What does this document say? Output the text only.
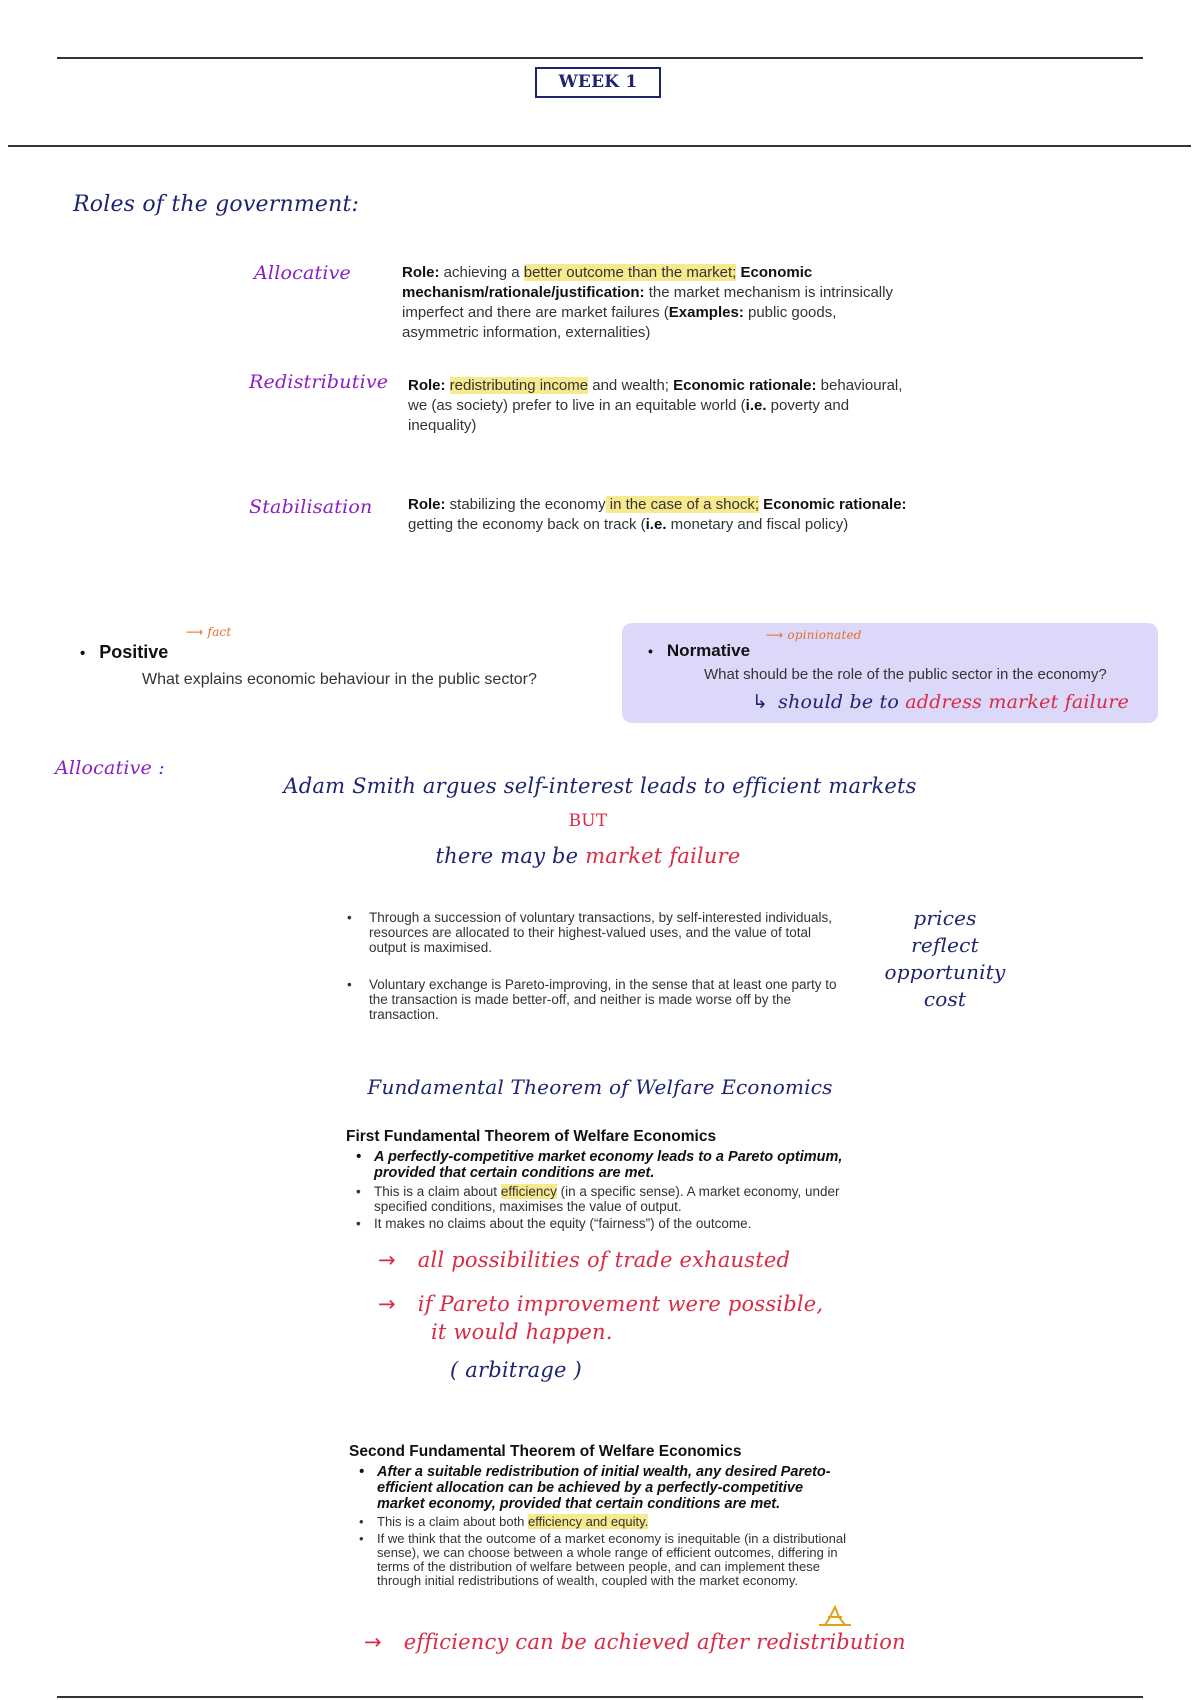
WEEK 1
Roles of the government:
Allocative	Role: achieving a better outcome than the market; Economic mechanism/rationale/justification: the market mechanism is intrinsically imperfect and there are market failures (Examples: public goods, asymmetric information, externalities)
Redistributive Role: redistributing income and wealth; Economic rationale: behavioural, we (as society) prefer to live in an equitable world (i.e. poverty and inequality)
Stabilisation Role: stabilizing the economy in the case of a shock; Economic rationale: getting the economy back on track (i.e. monetary and fiscal policy)
• Positive
What explains economic behaviour in the public sector?
⟶ fact
• Normative
⟶ opinionated
What should be the role of the public sector in the economy?
↳ should be to address market failure
Allocative :
Adam Smith argues self-interest leads to efficient markets
BUT
there may be market failure
• Through a succession of voluntary transactions, by self-interested individuals, resources are allocated to their highest-valued uses, and the value of total output is maximised.
• Voluntary exchange is Pareto-improving, in the sense that at least one party to the transaction is made better-off, and neither is made worse off by the transaction.
prices reflect
opportunity
cost
Fundamental Theorem of Welfare Economics
First Fundamental Theorem of Welfare Economics
• A perfectly-competitive market economy leads to a Pareto optimum, provided that certain conditions are met.
• This is a claim about efficiency (in a specific sense). A market economy, under specified conditions, maximises the value of output.
• It makes no claims about the equity (“fairness”) of the outcome.
→ all possibilities of trade exhausted
→ if Pareto improvement were possible,
it would happen.
( arbitrage )
Second Fundamental Theorem of Welfare Economics
• After a suitable redistribution of initial wealth, any desired Pareto-efficient allocation can be achieved by a perfectly-competitive market economy, provided that certain conditions are met.
• This is a claim about both efficiency and equity.
• If we think that the outcome of a market economy is inequitable (in a distributional sense), we can choose between a whole range of efficient outcomes, differing in terms of the distribution of welfare between people, and can implement these through initial redistributions of wealth, coupled with the market economy.
→ efficiency can be achieved after redistribution
